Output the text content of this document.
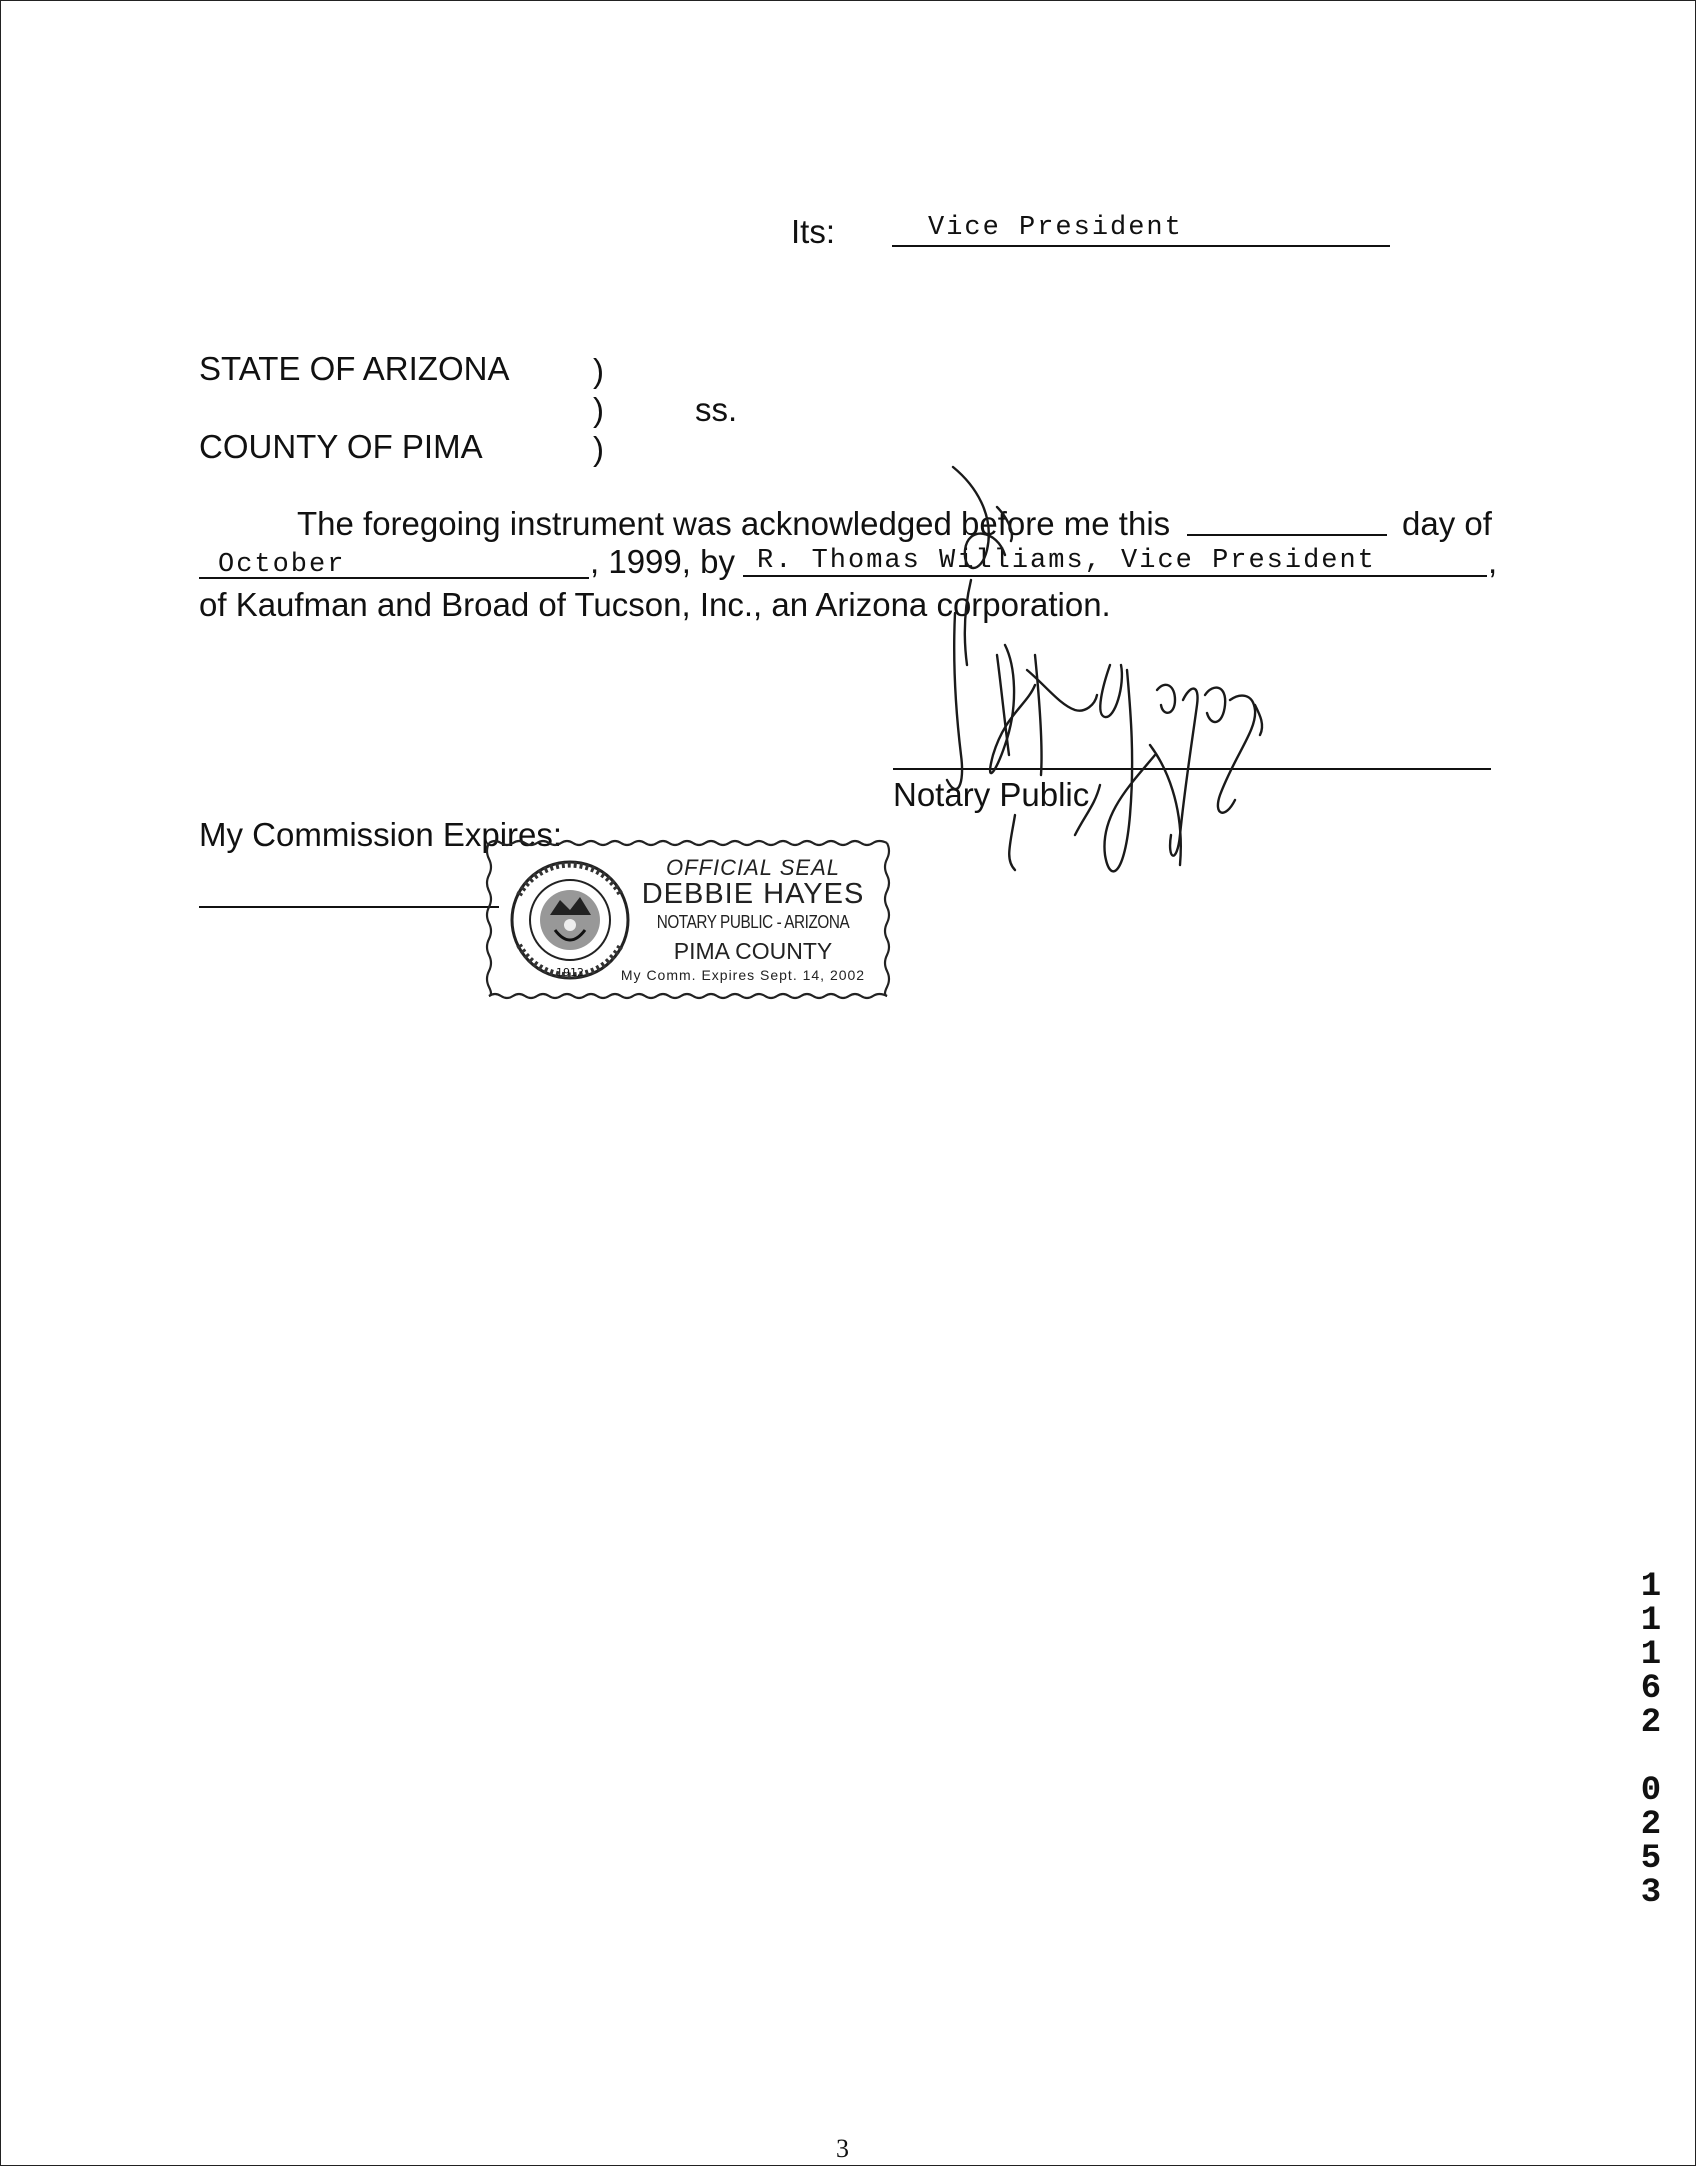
Its:	Vice President
STATE OF ARIZONA	)
)	ss.
COUNTY OF PIMA	)
The foregoing instrument was acknowledged before me this	day of
October	, 1999, by R. Thomas Williams, Vice President	,
of Kaufman and Broad of Tucson, Inc., an Arizona corporation.
Notary Public
My Commission Expires:
1912
OFFICIAL SEAL
DEBBIE HAYES
NOTARY PUBLIC - ARIZONA
PIMA COUNTY
My Comm. Expires Sept. 14, 2002
3
1
1
1
6
2
0
2
5
3
